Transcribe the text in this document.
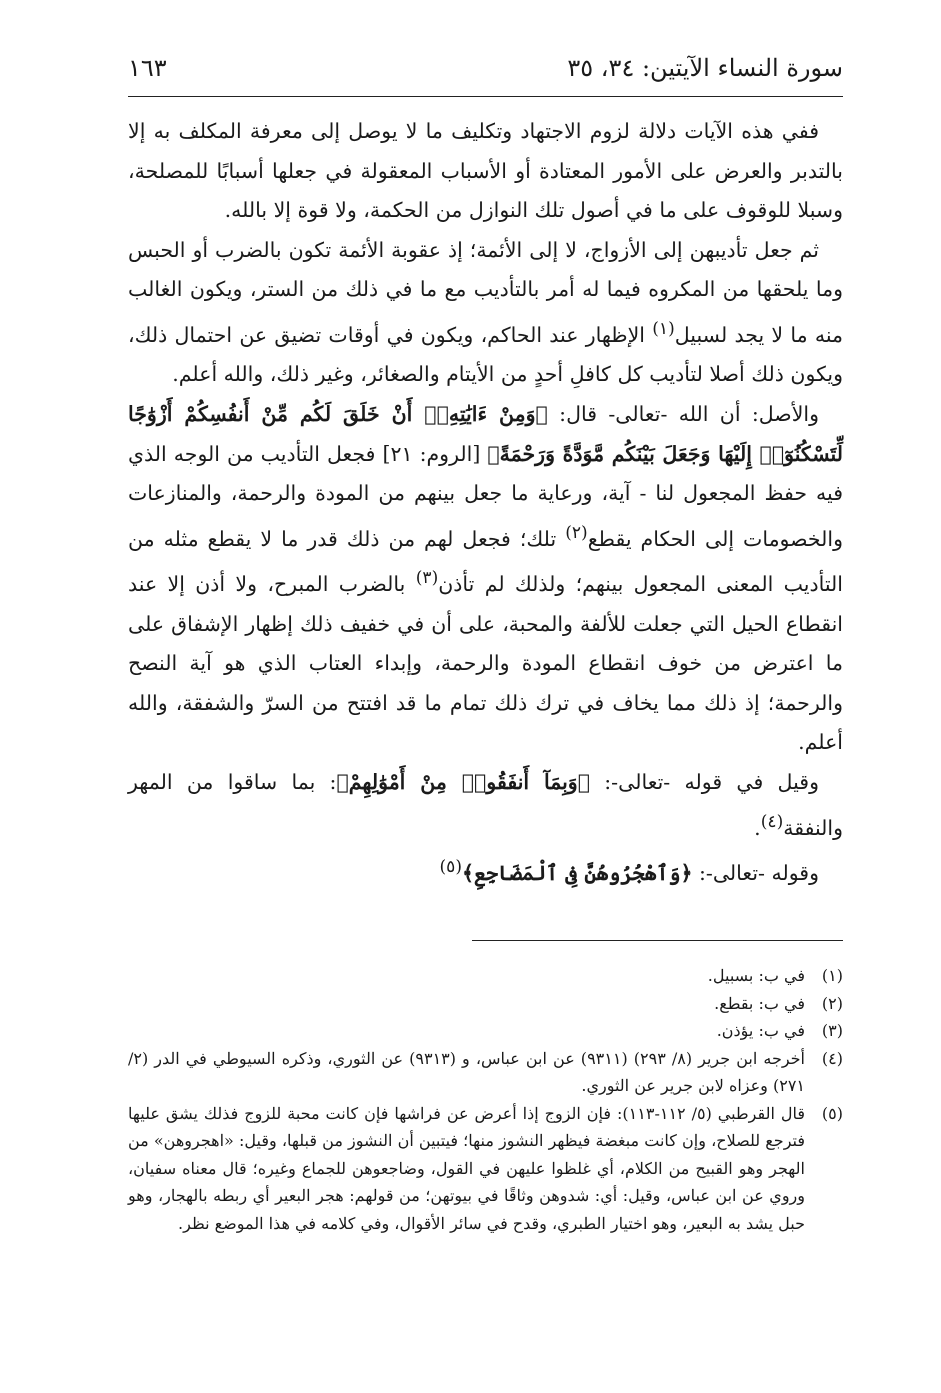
سورة النساء الآيتين: ٣٤، ٣٥
١٦٣

ففي هذه الآيات دلالة لزوم الاجتهاد وتكليف ما لا يوصل إلى معرفة المكلف به إلا بالتدبر والعرض على الأمور المعتادة أو الأسباب المعقولة في جعلها أسبابًا للمصلحة، وسبلا للوقوف على ما في أصول تلك النوازل من الحكمة، ولا قوة إلا بالله.

ثم جعل تأديبهن إلى الأزواج، لا إلى الأئمة؛ إذ عقوبة الأئمة تكون بالضرب أو الحبس وما يلحقها من المكروه فيما له أمر بالتأديب مع ما في ذلك من الستر، ويكون الغالب منه ما لا يجد لسبيل$^{(١)}$ الإظهار عند الحاكم، ويكون في أوقات تضيق عن احتمال ذلك، ويكون ذلك أصلا لتأديب كل كافلِ أحدٍ من الأيتام والصغائر، وغير ذلك، والله أعلم.

والأصل: أن الله -تعالى- قال: ﴿وَمِنْ ءَايَٰتِهِۦٓ أَنْ خَلَقَ لَكُم مِّنْ أَنفُسِكُمْ أَزْوَٰجًا لِّتَسْكُنُوٓا۟ إِلَيْهَا وَجَعَلَ بَيْنَكُم مَّوَدَّةً وَرَحْمَةً﴾ [الروم: ٢١] فجعل التأديب من الوجه الذي فيه حفظ المجعول لنا - آية، ورعاية ما جعل بينهم من المودة والرحمة، والمنازعات والخصومات إلى الحكام يقطع$^{(٢)}$ تلك؛ فجعل لهم من ذلك قدر ما لا يقطع مثله من التأديب المعنى المجعول بينهم؛ ولذلك لم تأذن$^{(٣)}$ بالضرب المبرح، ولا أذن إلا عند انقطاع الحيل التي جعلت للألفة والمحبة، على أن في خفيف ذلك إظهار الإشفاق على ما اعترض من خوف انقطاع المودة والرحمة، وإبداء العتاب الذي هو آية النصح والرحمة؛ إذ ذلك مما يخاف في ترك ذلك تمام ما قد افتتح من السرّ والشفقة، والله أعلم.

وقيل في قوله -تعالى-: ﴿وَبِمَآ أَنفَقُوا۟ مِنْ أَمْوَٰلِهِمْ﴾: بما ساقوا من المهر والنفقة$^{(٤)}$.

وقوله -تعالى-: ﴿وَٱهْجُرُوهُنَّ فِى ٱلْمَضَاجِعِ﴾$^{(٥)}$

(١)
في ب: بسبيل.
(٢)
في ب: بقطع.
(٣)
في ب: يؤذن.
(٤)
أخرجه ابن جرير (٨/ ٢٩٣) (٩٣١١) عن ابن عباس، و (٩٣١٣) عن الثوري، وذكره السيوطي في الدر (٢/ ٢٧١) وعزاه لابن جرير عن الثوري.
(٥)
قال القرطبي (٥/ ١١٢-١١٣): فإن الزوج إذا أعرض عن فراشها فإن كانت محبة للزوج فذلك يشق عليها فترجع للصلاح، وإن كانت مبغضة فيظهر النشوز منها؛ فيتبين أن النشوز من قبلها، وقيل: «اهجروهن» من الهجر وهو القبيح من الكلام، أي غلظوا عليهن في القول، وضاجعوهن للجماع وغيره؛ قال معناه سفيان، وروي عن ابن عباس، وقيل: أي: شدوهن وثاقًا في بيوتهن؛ من قولهم: هجر البعير أي ربطه بالهجار، وهو حبل يشد به البعير، وهو اختيار الطبري، وقدح في سائر الأقوال، وفي كلامه في هذا الموضع نظر.
